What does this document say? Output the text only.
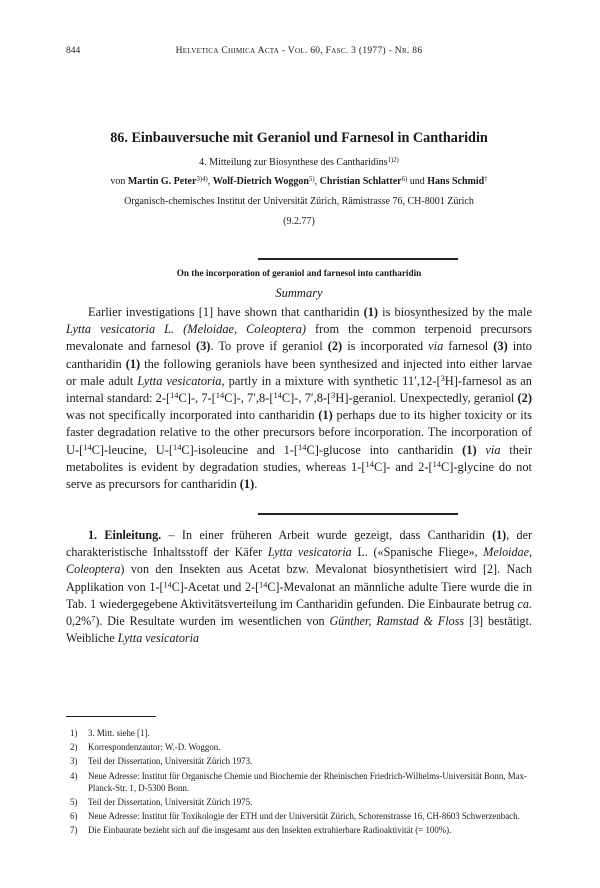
844	Helvetica Chimica Acta - Vol. 60, Fasc. 3 (1977) - Nr. 86
86. Einbauversuche mit Geraniol und Farnesol in Cantharidin
4. Mitteilung zur Biosynthese des Cantharidins$^{1)2)}$
von Martin G. Peter$^{3)4)}$, Wolf-Dietrich Woggon$^{5)}$, Christian Schlatter$^{6)}$ und Hans Schmid†
Organisch-chemisches Institut der Universität Zürich, Rämistrasse 76, CH-8001 Zürich
(9.2.77)
On the incorporation of geraniol and farnesol into cantharidin
Summary

Earlier investigations [1] have shown that cantharidin (1) is biosynthesized by the male Lytta vesicatoria L. (Meloidae, Coleoptera) from the common terpenoid precursors mevalonate and farnesol (3). To prove if geraniol (2) is incorporated via farnesol (3) into cantharidin (1) the following geraniols have been synthesized and injected into either larvae or male adult Lytta vesicatoria, partly in a mixture with synthetic 11′,12-[$^3$H]-farnesol as an internal standard: 2-[$^{14}$C]-, 7-[$^{14}$C]-, 7′,8-[$^{14}$C]-, 7′,8-[$^3$H]-geraniol. Unexpectedly, geraniol (2) was not specifically incorporated into cantharidin (1) perhaps due to its higher toxicity or its faster degradation relative to the other precursors before incorporation. The incorporation of U-[$^{14}$C]-leucine, U-[$^{14}$C]-isoleucine and 1-[$^{14}$C]-glucose into cantharidin (1) via their metabolites is evident by degradation studies, whereas 1-[$^{14}$C]- and 2-[$^{14}$C]-glycine do not serve as precursors for cantharidin (1).

1. Einleitung. – In einer früheren Arbeit wurde gezeigt, dass Cantharidin (1), der charakteristische Inhaltsstoff der Käfer Lytta vesicatoria L. («Spanische Fliege», Meloidae, Coleoptera) von den Insekten aus Acetat bzw. Mevalonat biosynthetisiert wird [2]. Nach Applikation von 1-[$^{14}$C]-Acetat und 2-[$^{14}$C]-Mevalonat an männliche adulte Tiere wurde die in Tab. 1 wiedergegebene Aktivitätsverteilung im Cantharidin gefunden. Die Einbaurate betrug ca. 0,2%$^7$). Die Resultate wurden im wesentlichen von Günther, Ramstad & Floss [3] bestätigt. Weibliche Lytta vesicatoria

1) 3. Mitt. siehe [1].
2) Korrespondenzautor: W.-D. Woggon.
3) Teil der Dissertation, Universität Zürich 1973.
4) Neue Adresse: Institut für Organische Chemie und Biochemie der Rheinischen Friedrich-Wilhelms-Universität Bonn, Max-Planck-Str. 1, D-5300 Bonn.
5) Teil der Dissertation, Universität Zürich 1975.
6) Neue Adresse: Institut für Toxikologie der ETH und der Universität Zürich, Schorenstrasse 16, CH-8603 Schwerzenbach.
7) Die Einbaurate bezieht sich auf die insgesamt aus den Insekten extrahierbare Radioaktivität (= 100%).
